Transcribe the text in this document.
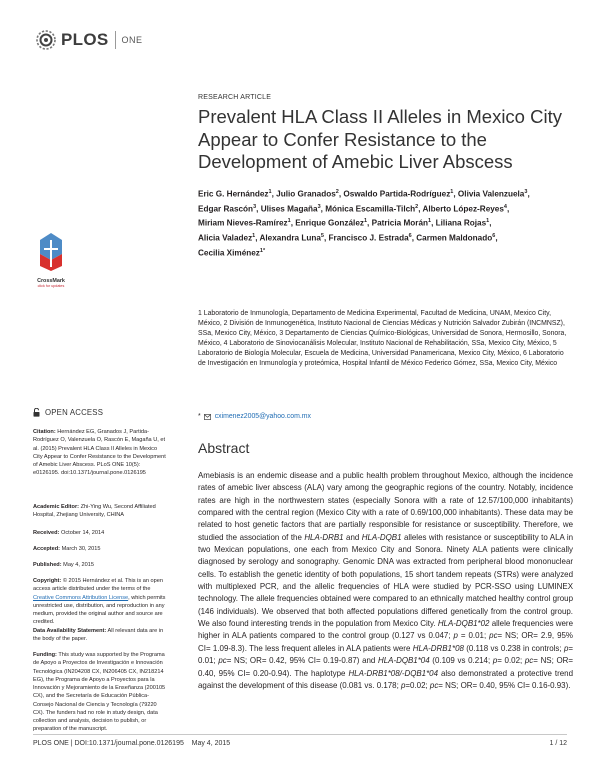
PLOS ONE
RESEARCH ARTICLE
Prevalent HLA Class II Alleles in Mexico City
Appear to Confer Resistance to the
Development of Amebic Liver Abscess
Eric G. Hernández$^1$, Julio Granados$^2$, Oswaldo Partida-Rodríguez$^1$, Olivia Valenzuela$^3$,
Edgar Rascón$^3$, Ulises Magaña$^3$, Mónica Escamilla-Tilch$^2$, Alberto López-Reyes$^4$,
Miriam Nieves-Ramírez$^1$, Enrique González$^1$, Patricia Morán$^1$, Liliana Rojas$^1$,
Alicia Valadez$^1$, Alexandra Luna$^5$, Francisco J. Estrada$^6$, Carmen Maldonado$^6$,
Cecilia Ximénez$^{1*}$
1 Laboratorio de Inmunología, Departamento de Medicina Experimental, Facultad de Medicina, UNAM, Mexico City, México, 2 División de Inmunogenética, Instituto Nacional de Ciencias Médicas y Nutrición Salvador Zubirán (INCMNSZ), SSa, Mexico City, México, 3 Departamento de Ciencias Químico-Biológicas, Universidad de Sonora, Hermosillo, Sonora, México, 4 Laboratorio de Sinoviocanálisis Molecular, Instituto Nacional de Rehabilitación, SSa, Mexico City, México, 5 Laboratorio de Biología Molecular, Escuela de Medicina, Universidad Panamericana, Mexico City, México, 6 Laboratorio de Investigación en Inmunología y proteómica, Hospital Infantil de México Federico Gómez, SSa, Mexico City, México
* cximenez2005@yahoo.com.mx
Abstract
Amebiasis is an endemic disease and a public health problem throughout Mexico, although the incidence rates of amebic liver abscess (ALA) vary among the geographic regions of the country. Notably, incidence rates are high in the northwestern states (especially Sonora with a rate of 12.57/100,000 inhabitants) compared with the central region (Mexico City with a rate of 0.69/100,000 inhabitants). These data may be related to host genetic factors that are partially responsible for resistance or susceptibility. Therefore, we studied the association of the HLA-DRB1 and HLA-DQB1 alleles with resistance or susceptibility to ALA in two Mexican populations, one each from Mexico City and Sonora. Ninety ALA patients were clinically diagnosed by serology and sonography. Genomic DNA was extracted from peripheral blood mononuclear cells. To establish the genetic identity of both populations, 15 short tandem repeats (STRs) were analyzed with multiplexed PCR, and the allelic frequencies of HLA were studied by PCR-SSO using LUMINEX technology. The allele frequencies obtained were compared to an ethnically matched healthy control group (146 individuals). We observed that both affected populations differed genetically from the control group. We also found interesting trends in the population from Mexico City. HLA-DQB1*02 allele frequencies were higher in ALA patients compared to the control group (0.127 vs 0.047; p = 0.01; pc= NS; OR= 2.9, 95% CI= 1.09-8.3). The less frequent alleles in ALA patients were HLA-DRB1*08 (0.118 vs 0.238 in controls; p= 0.01; pc= NS; OR= 0.42, 95% CI= 0.19-0.87) and HLA-DQB1*04 (0.109 vs 0.214; p= 0.02; pc= NS; OR= 0.40, 95% CI= 0.20-0.94). The haplotype HLA-DRB1*08/-DQB1*04 also demonstrated a protective trend against the development of this disease (0.081 vs. 0.178; p=0.02; pc= NS; OR= 0.40, 95% CI= 0.16-0.93).
CrossMark
click for updates
OPEN ACCESS
Citation: Hernández EG, Granados J, Partida-Rodríguez O, Valenzuela O, Rascón E, Magaña U, et al. (2015) Prevalent HLA Class II Alleles in Mexico City Appear to Confer Resistance to the Development of Amebic Liver Abscess. PLoS ONE 10(5): e0126195. doi:10.1371/journal.pone.0126195
Academic Editor: Zhi-Ying Wu, Second Affiliated Hospital, Zhejiang University, CHINA
Received: October 14, 2014
Accepted: March 30, 2015
Published: May 4, 2015
Copyright: © 2015 Hernández et al. This is an open access article distributed under the terms of the Creative Commons Attribution License, which permits unrestricted use, distribution, and reproduction in any medium, provided the original author and source are credited.
Data Availability Statement: All relevant data are in the body of the paper.
Funding: This study was supported by the Programa de Apoyo a Proyectos de Investigación e Innovación Tecnológica (IN204208 CX, IN206405 CX, IN218214 EG), the Programa de Apoyo a Proyectos para la Innovación y Mejoramiento de la Enseñanza (200105 CX), and the Secretaría de Educación Pública-Consejo Nacional de Ciencia y Tecnología (79220 CX). The funders had no role in study design, data collection and analysis, decision to publish, or preparation of the manuscript.
PLOS ONE | DOI:10.1371/journal.pone.0126195    May 4, 2015	1 / 12
